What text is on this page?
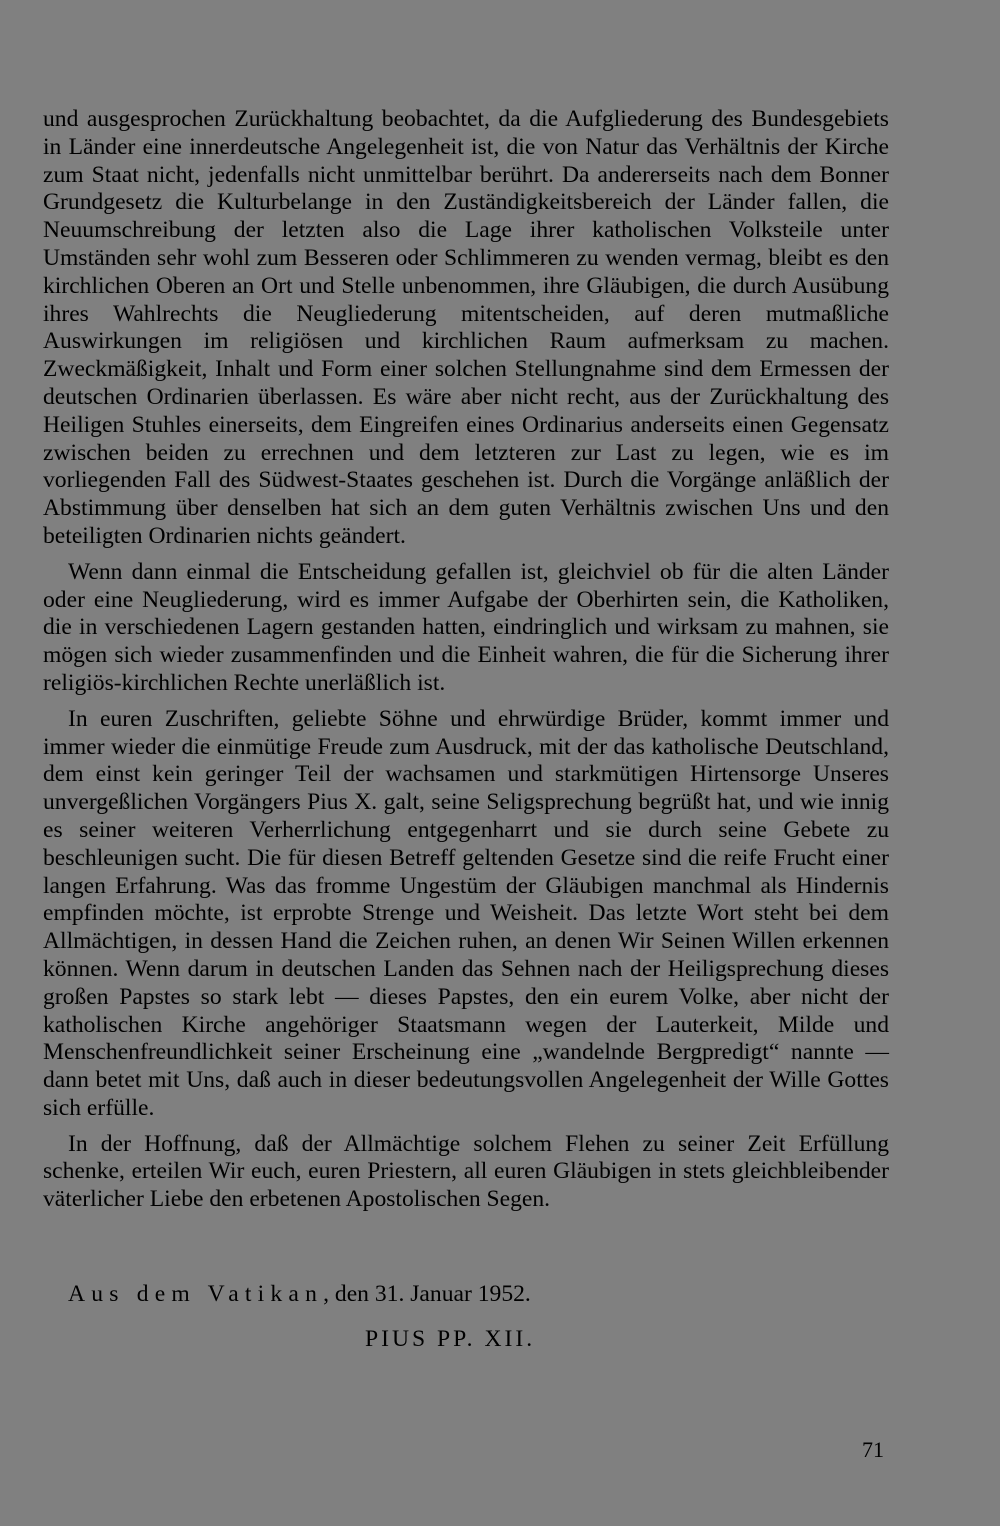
und ausgesprochen Zurückhaltung beobachtet, da die Aufgliederung des Bundesgebiets in Länder eine innerdeutsche Angelegenheit ist, die von Natur das Verhältnis der Kirche zum Staat nicht, jedenfalls nicht unmittelbar berührt. Da andererseits nach dem Bonner Grundgesetz die Kulturbelange in den Zuständigkeitsbereich der Länder fallen, die Neuumschreibung der letzten also die Lage ihrer katholischen Volksteile unter Umständen sehr wohl zum Besseren oder Schlimmeren zu wenden vermag, bleibt es den kirchlichen Oberen an Ort und Stelle unbenommen, ihre Gläubigen, die durch Ausübung ihres Wahlrechts die Neugliederung mitentscheiden, auf deren mutmaßliche Auswirkungen im religiösen und kirchlichen Raum aufmerksam zu machen. Zweckmäßigkeit, Inhalt und Form einer solchen Stellungnahme sind dem Ermessen der deutschen Ordinarien überlassen. Es wäre aber nicht recht, aus der Zurückhaltung des Heiligen Stuhles einerseits, dem Eingreifen eines Ordinarius anderseits einen Gegensatz zwischen beiden zu errechnen und dem letzteren zur Last zu legen, wie es im vorliegenden Fall des Südwest-Staates geschehen ist. Durch die Vorgänge anläßlich der Abstimmung über denselben hat sich an dem guten Verhältnis zwischen Uns und den beteiligten Ordinarien nichts geändert.

Wenn dann einmal die Entscheidung gefallen ist, gleichviel ob für die alten Länder oder eine Neugliederung, wird es immer Aufgabe der Oberhirten sein, die Katholiken, die in verschiedenen Lagern gestanden hatten, eindringlich und wirksam zu mahnen, sie mögen sich wieder zusammenfinden und die Einheit wahren, die für die Sicherung ihrer religiös-kirchlichen Rechte unerläßlich ist.

In euren Zuschriften, geliebte Söhne und ehrwürdige Brüder, kommt immer und immer wieder die einmütige Freude zum Ausdruck, mit der das katholische Deutschland, dem einst kein geringer Teil der wachsamen und starkmütigen Hirtensorge Unseres unvergeßlichen Vorgängers Pius X. galt, seine Seligsprechung begrüßt hat, und wie innig es seiner weiteren Verherrlichung entgegenharrt und sie durch seine Gebete zu beschleunigen sucht. Die für diesen Betreff geltenden Gesetze sind die reife Frucht einer langen Erfahrung. Was das fromme Ungestüm der Gläubigen manchmal als Hindernis empfinden möchte, ist erprobte Strenge und Weisheit. Das letzte Wort steht bei dem Allmächtigen, in dessen Hand die Zeichen ruhen, an denen Wir Seinen Willen erkennen können. Wenn darum in deutschen Landen das Sehnen nach der Heiligsprechung dieses großen Papstes so stark lebt — dieses Papstes, den ein eurem Volke, aber nicht der katholischen Kirche angehöriger Staatsmann wegen der Lauterkeit, Milde und Menschenfreundlichkeit seiner Erscheinung eine „wandelnde Bergpredigt“ nannte — dann betet mit Uns, daß auch in dieser bedeutungsvollen Angelegenheit der Wille Gottes sich erfülle.

In der Hoffnung, daß der Allmächtige solchem Flehen zu seiner Zeit Erfüllung schenke, erteilen Wir euch, euren Priestern, all euren Gläubigen in stets gleichbleibender väterlicher Liebe den erbetenen Apostolischen Segen.

Aus dem Vatikan, den 31. Januar 1952.
PIUS PP. XII.
71
